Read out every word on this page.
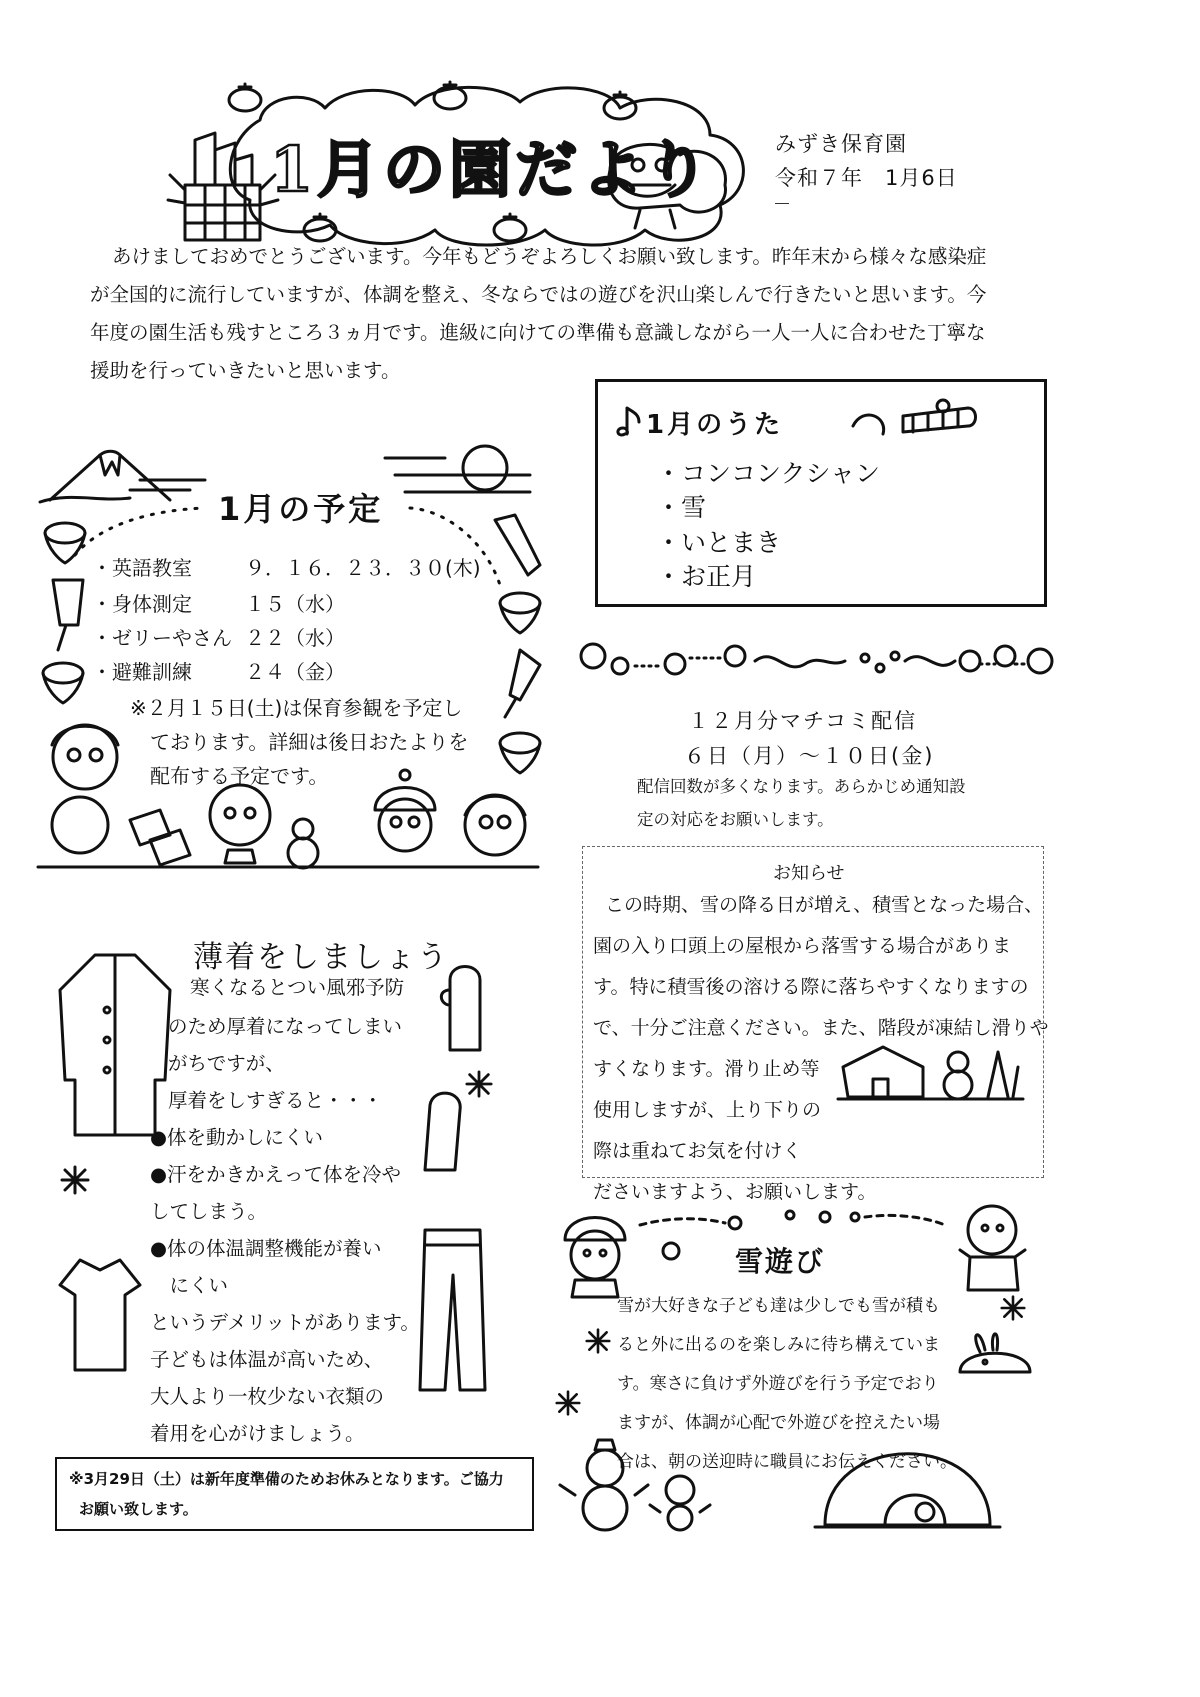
1月の園だより	みずき保育園
令和７年　1月6日

あけましておめでとうございます。今年もどうぞよろしくお願い致します。昨年末から様々な感染症

が全国的に流行していますが、体調を整え、冬ならではの遊びを沢山楽しんで行きたいと思います。今

年度の園生活も残すところ３ヵ月です。進級に向けての準備も意識しながら一人一人に合わせた丁寧な

援助を行っていきたいと思います。

1月のうた
・コンコンクシャン
・雪
・いとまき
・お正月
1月の予定
・英語教室	９．１６．２３．３０(木)
・身体測定	１５（水）
・ゼリーやさん ２２（水）
・避難訓練	２４（金）
※２月１５日(土)は保育参観を予定し
ております。詳細は後日おたよりを
配布する予定です。
１２月分マチコミ配信
６日（月）～１０日(金)
配信回数が多くなります。あらかじめ通知設
定の対応をお願いします。
お知らせ
この時期、雪の降る日が増え、積雪となった場合、
園の入り口頭上の屋根から落雪する場合がありま
す。特に積雪後の溶ける際に落ちやすくなりますの
で、十分ご注意ください。また、階段が凍結し滑りや
すくなります。滑り止め等
使用しますが、上り下りの
際は重ねてお気を付けく
ださいますよう、お願いします。
薄着をしましょう
寒くなるとつい風邪予防
のため厚着になってしまい
がちですが、
厚着をしすぎると・・・
●体を動かしにくい
●汗をかきかえって体を冷や
してしまう。
●体の体温調整機能が養い
　にくい
というデメリットがあります。
子どもは体温が高いため、
大人より一枚少ない衣類の
着用を心がけましょう。
雪遊び
雪が大好きな子ども達は少しでも雪が積も
ると外に出るのを楽しみに待ち構えていま
す。寒さに負けず外遊びを行う予定でおり
ますが、体調が心配で外遊びを控えたい場
合は、朝の送迎時に職員にお伝えください。
※3月29日（土）は新年度準備のためお休みとなります。ご協力
お願い致します。
